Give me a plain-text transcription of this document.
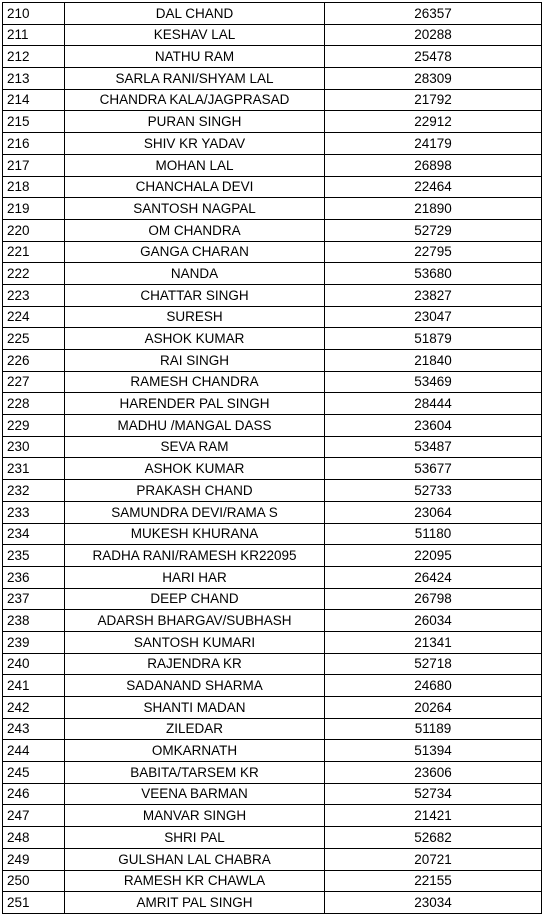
210	DAL CHAND	26357
211	KESHAV LAL	20288
212	NATHU RAM	25478
213	SARLA RANI/SHYAM LAL	28309
214	CHANDRA KALA/JAGPRASAD	21792
215	PURAN SINGH	22912
216	SHIV KR YADAV	24179
217	MOHAN LAL	26898
218	CHANCHALA DEVI	22464
219	SANTOSH NAGPAL	21890
220	OM CHANDRA	52729
221	GANGA CHARAN	22795
222	NANDA	53680
223	CHATTAR SINGH	23827
224	SURESH	23047
225	ASHOK KUMAR	51879
226	RAI SINGH	21840
227	RAMESH CHANDRA	53469
228	HARENDER PAL SINGH	28444
229	MADHU /MANGAL DASS	23604
230	SEVA RAM	53487
231	ASHOK KUMAR	53677
232	PRAKASH CHAND	52733
233	SAMUNDRA DEVI/RAMA S	23064
234	MUKESH KHURANA	51180
235	RADHA RANI/RAMESH KR22095	22095
236	HARI HAR	26424
237	DEEP CHAND	26798
238	ADARSH BHARGAV/SUBHASH	26034
239	SANTOSH KUMARI	21341
240	RAJENDRA KR	52718
241	SADANAND SHARMA	24680
242	SHANTI MADAN	20264
243	ZILEDAR	51189
244	OMKARNATH	51394
245	BABITA/TARSEM KR	23606
246	VEENA BARMAN	52734
247	MANVAR SINGH	21421
248	SHRI PAL	52682
249	GULSHAN LAL CHABRA	20721
250	RAMESH KR CHAWLA	22155
251	AMRIT PAL SINGH	23034
